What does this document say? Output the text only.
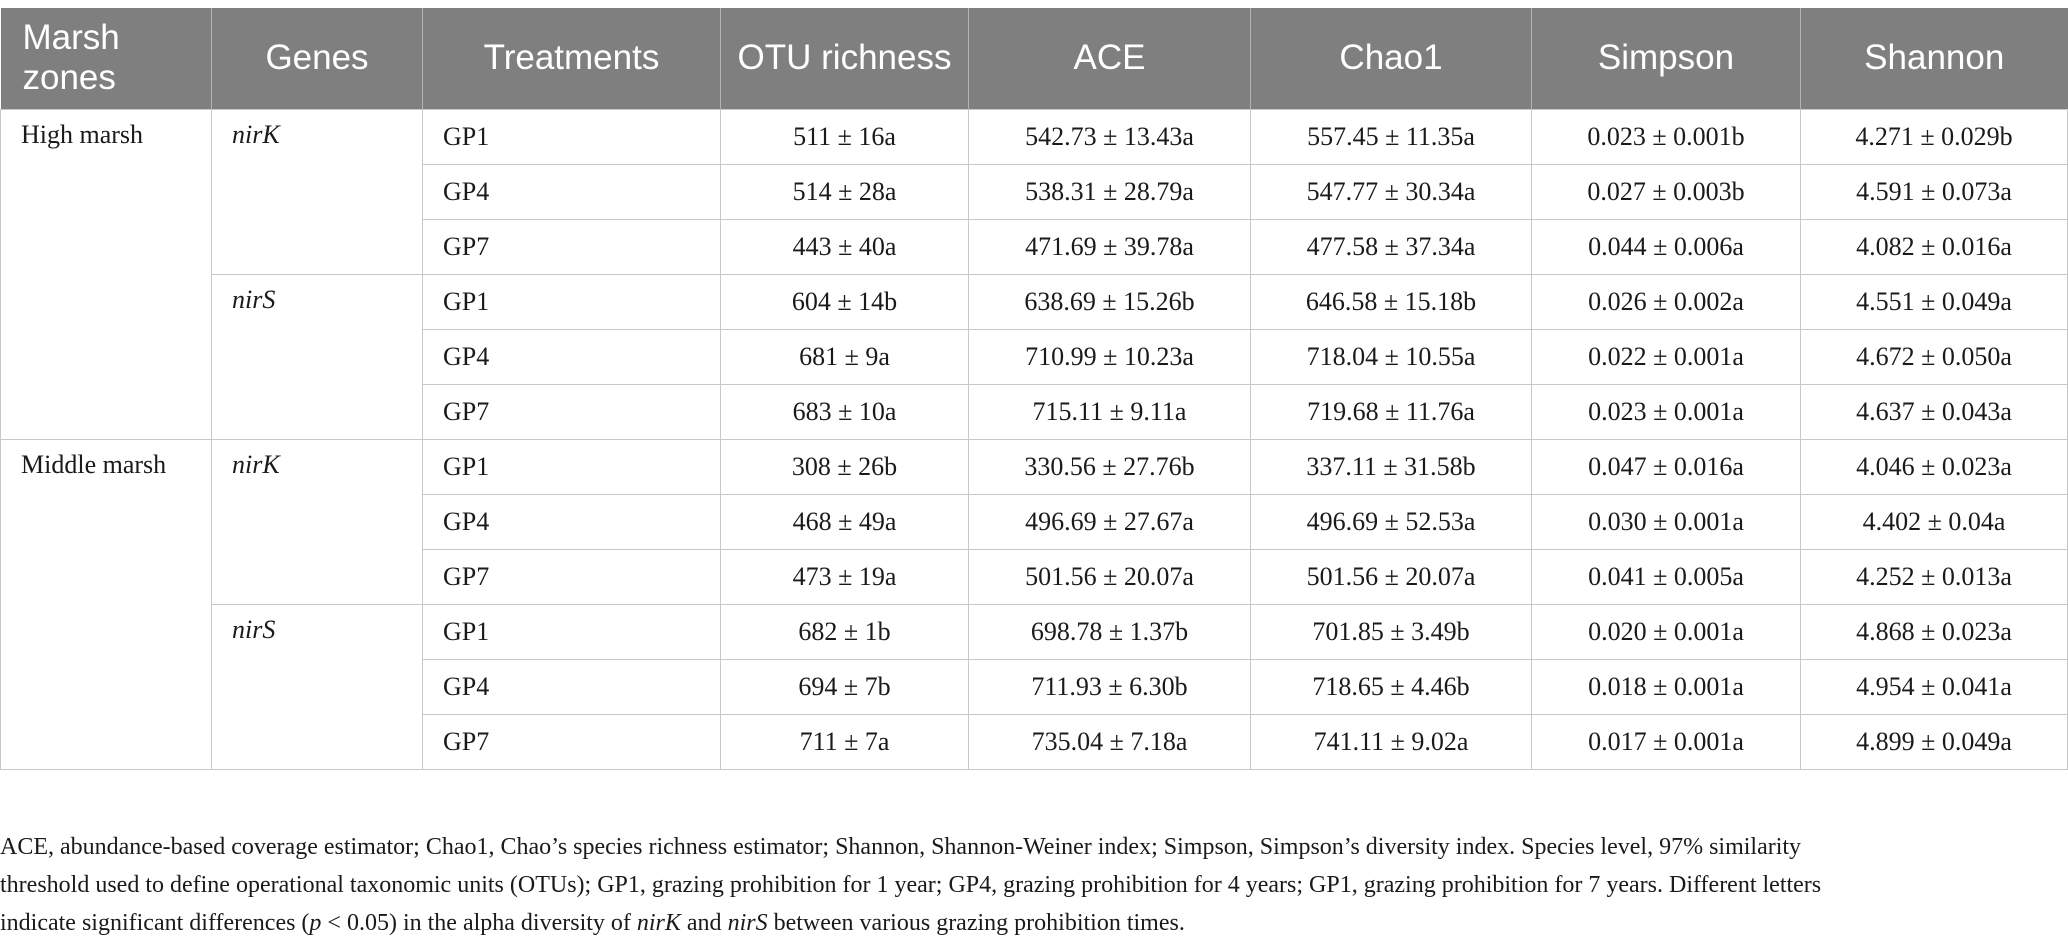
Marsh zones	Genes	Treatments	OTU richness	ACE	Chao1	Simpson	Shannon
High marsh	nirK	GP1	511 ± 16a	542.73 ± 13.43a	557.45 ± 11.35a	0.023 ± 0.001b	4.271 ± 0.029b
		GP4	514 ± 28a	538.31 ± 28.79a	547.77 ± 30.34a	0.027 ± 0.003b	4.591 ± 0.073a
		GP7	443 ± 40a	471.69 ± 39.78a	477.58 ± 37.34a	0.044 ± 0.006a	4.082 ± 0.016a
	nirS	GP1	604 ± 14b	638.69 ± 15.26b	646.58 ± 15.18b	0.026 ± 0.002a	4.551 ± 0.049a
		GP4	681 ± 9a	710.99 ± 10.23a	718.04 ± 10.55a	0.022 ± 0.001a	4.672 ± 0.050a
		GP7	683 ± 10a	715.11 ± 9.11a	719.68 ± 11.76a	0.023 ± 0.001a	4.637 ± 0.043a
Middle marsh	nirK	GP1	308 ± 26b	330.56 ± 27.76b	337.11 ± 31.58b	0.047 ± 0.016a	4.046 ± 0.023a
		GP4	468 ± 49a	496.69 ± 27.67a	496.69 ± 52.53a	0.030 ± 0.001a	4.402 ± 0.04a
		GP7	473 ± 19a	501.56 ± 20.07a	501.56 ± 20.07a	0.041 ± 0.005a	4.252 ± 0.013a
	nirS	GP1	682 ± 1b	698.78 ± 1.37b	701.85 ± 3.49b	0.020 ± 0.001a	4.868 ± 0.023a
		GP4	694 ± 7b	711.93 ± 6.30b	718.65 ± 4.46b	0.018 ± 0.001a	4.954 ± 0.041a
		GP7	711 ± 7a	735.04 ± 7.18a	741.11 ± 9.02a	0.017 ± 0.001a	4.899 ± 0.049a
ACE, abundance-based coverage estimator; Chao1, Chao’s species richness estimator; Shannon, Shannon-Weiner index; Simpson, Simpson’s diversity index. Species level, 97% similarity
threshold used to define operational taxonomic units (OTUs); GP1, grazing prohibition for 1 year; GP4, grazing prohibition for 4 years; GP1, grazing prohibition for 7 years. Different letters
indicate significant differences (p < 0.05) in the alpha diversity of nirK and nirS between various grazing prohibition times.
